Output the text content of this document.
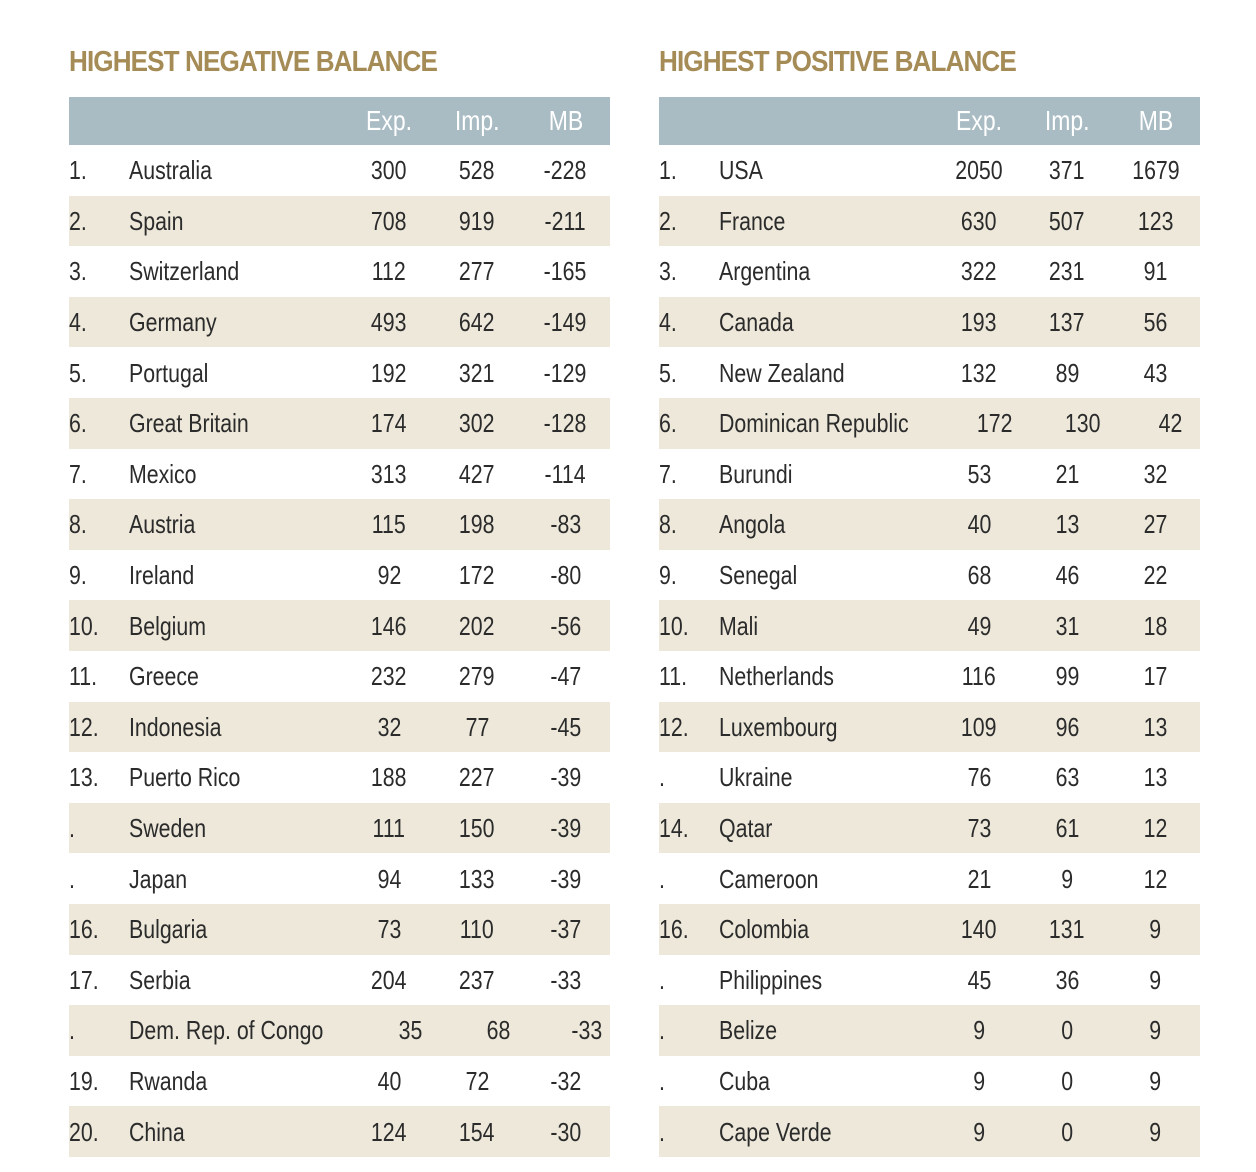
HIGHEST NEGATIVE BALANCE
Exp.	Imp.	MB
1.	Australia	300	528	-228
2.	Spain	708	919	-211
3.	Switzerland	112	277	-165
4.	Germany	493	642	-149
5.	Portugal	192	321	-129
6.	Great Britain	174	302	-128
7.	Mexico	313	427	-114
8.	Austria	115	198	-83
9.	Ireland	92	172	-80
10.	Belgium	146	202	-56
11.	Greece	232	279	-47
12.	Indonesia	32	77	-45
13.	Puerto Rico	188	227	-39
.	Sweden	111	150	-39
.	Japan	94	133	-39
16.	Bulgaria	73	110	-37
17.	Serbia	204	237	-33
.	Dem. Rep. of Congo	35	68	-33
19.	Rwanda	40	72	-32
20.	China	124	154	-30
HIGHEST POSITIVE BALANCE
Exp.	Imp.	MB
1.	USA	2050	371	1679
2.	France	630	507	123
3.	Argentina	322	231	91
4.	Canada	193	137	56
5.	New Zealand	132	89	43
6.	Dominican Republic	172	130	42
7.	Burundi	53	21	32
8.	Angola	40	13	27
9.	Senegal	68	46	22
10.	Mali	49	31	18
11.	Netherlands	116	99	17
12.	Luxembourg	109	96	13
.	Ukraine	76	63	13
14.	Qatar	73	61	12
.	Cameroon	21	9	12
16.	Colombia	140	131	9
.	Philippines	45	36	9
.	Belize	9	0	9
.	Cuba	9	0	9
.	Cape Verde	9	0	9
